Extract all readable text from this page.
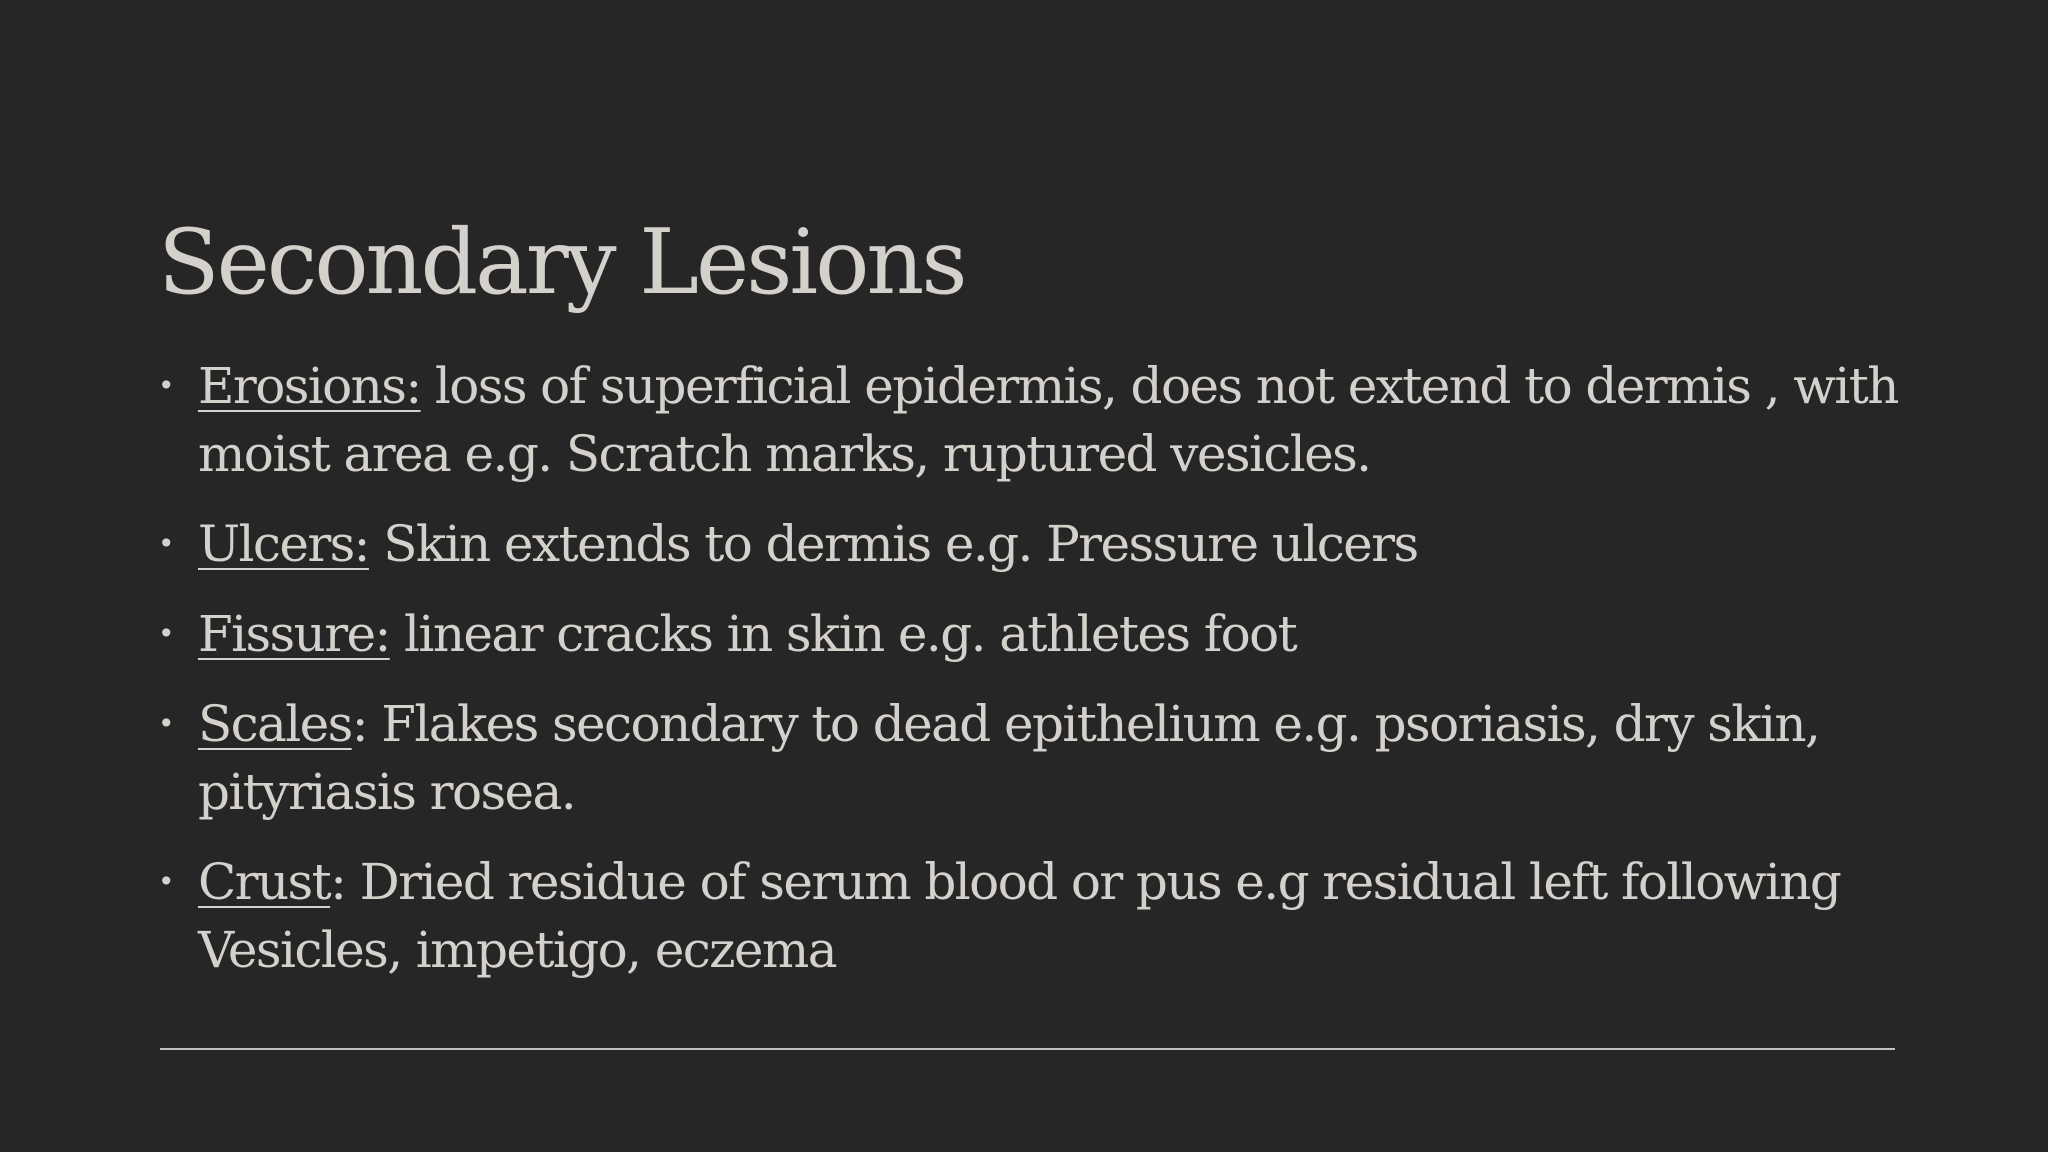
Secondary Lesions
• Erosions: loss of superficial epidermis, does not extend to dermis , with moist area e.g. Scratch marks, ruptured vesicles.
• Ulcers: Skin extends to dermis e.g. Pressure ulcers
• Fissure: linear cracks in skin e.g. athletes foot
• Scales: Flakes secondary to dead epithelium e.g. psoriasis, dry skin, pityriasis rosea.
• Crust: Dried residue of serum blood or pus e.g residual left following Vesicles, impetigo, eczema
